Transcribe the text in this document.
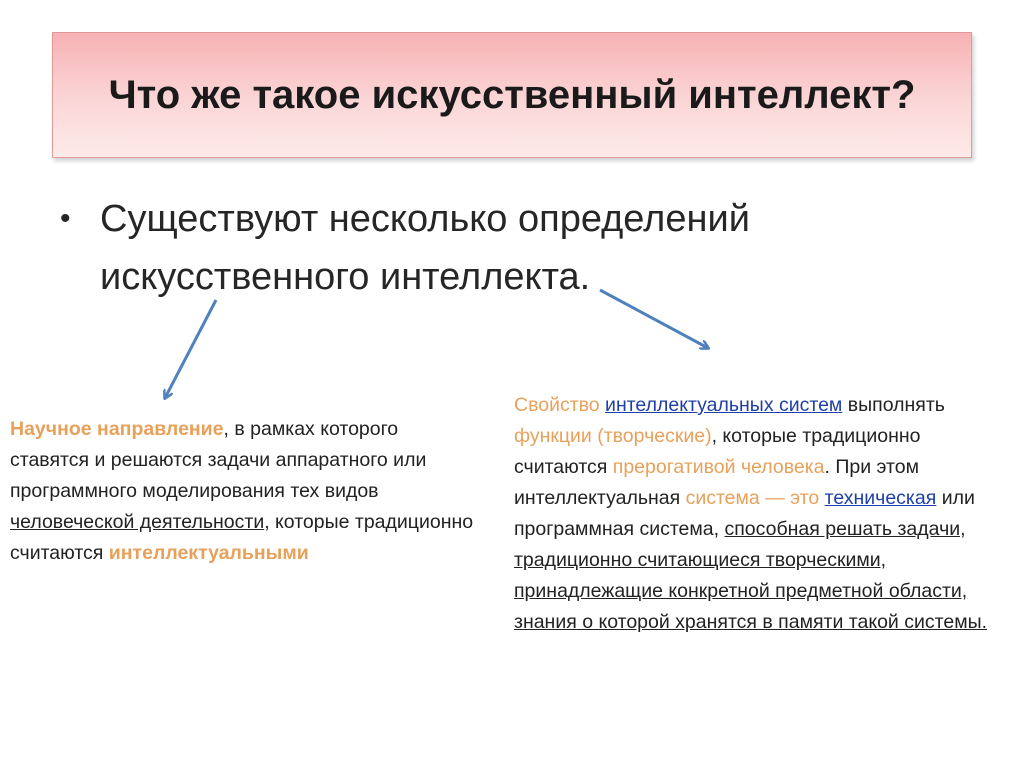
Что же такое искусственный интеллект?
• Существуют несколько определений искусственного интеллекта.
Научное направление, в рамках которого ставятся и решаются задачи аппаратного или программного моделирования тех видов человеческой деятельности, которые традиционно считаются интеллектуальными
Свойство интеллектуальных систем выполнять функции (творческие), которые традиционно считаются прерогативой человека. При этом интеллектуальная система — это техническая или программная система, способная решать задачи, традиционно считающиеся творческими, принадлежащие конкретной предметной области, знания о которой хранятся в памяти такой системы.
